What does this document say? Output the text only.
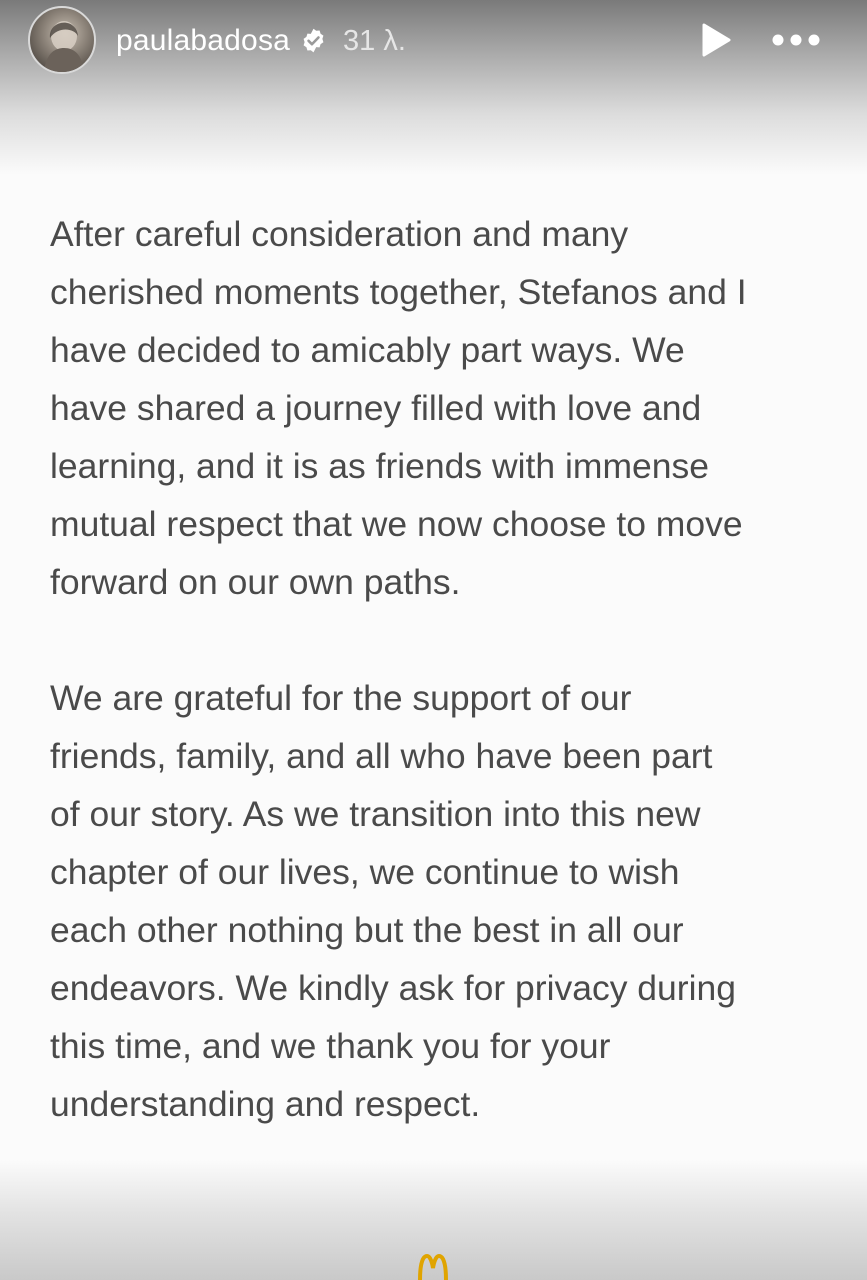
paulabadosa 31 λ.

After careful consideration and many
cherished moments together, Stefanos and I
have decided to amicably part ways. We
have shared a journey filled with love and
learning, and it is as friends with immense
mutual respect that we now choose to move
forward on our own paths.

We are grateful for the support of our
friends, family, and all who have been part
of our story. As we transition into this new
chapter of our lives, we continue to wish
each other nothing but the best in all our
endeavors. We kindly ask for privacy during
this time, and we thank you for your
understanding and respect.
